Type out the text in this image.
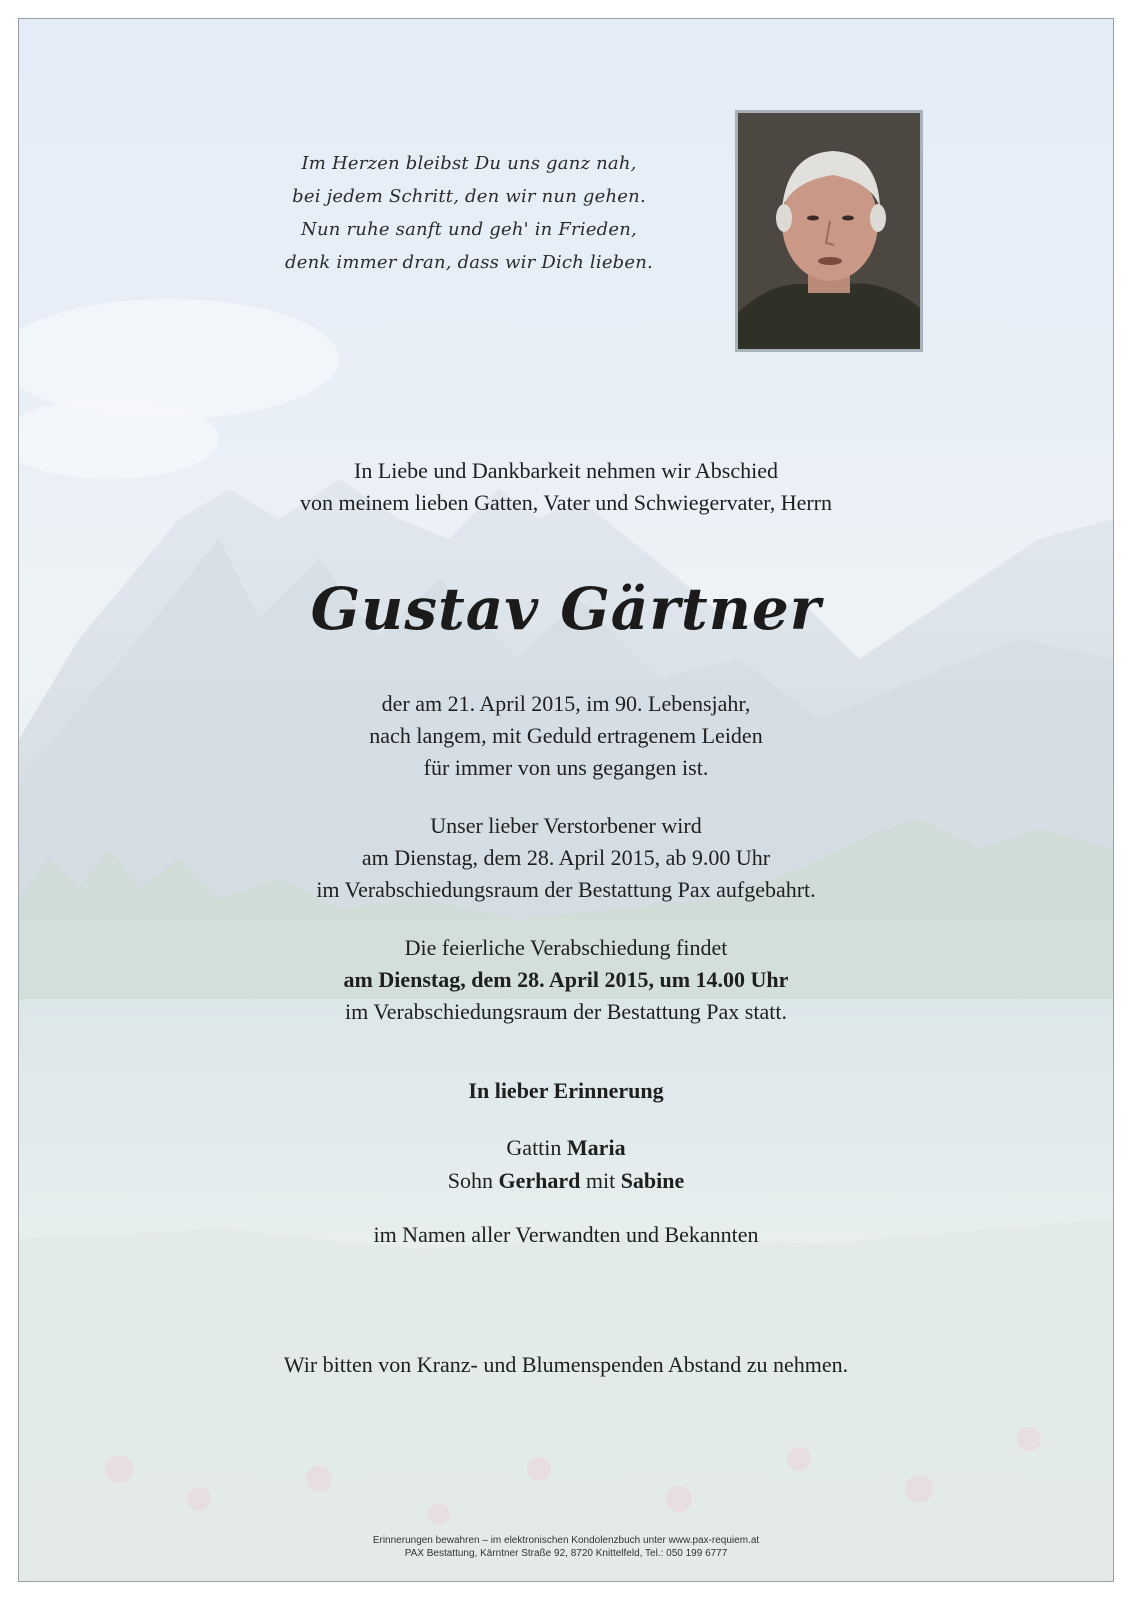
Im Herzen bleibst Du uns ganz nah,
bei jedem Schritt, den wir nun gehen.
Nun ruhe sanft und geh' in Frieden,
denk immer dran, dass wir Dich lieben.
In Liebe und Dankbarkeit nehmen wir Abschied
von meinem lieben Gatten, Vater und Schwiegervater, Herrn
Gustav Gärtner
der am 21. April 2015, im 90. Lebensjahr,
nach langem, mit Geduld ertragenem Leiden
für immer von uns gegangen ist.
Unser lieber Verstorbener wird
am Dienstag, dem 28. April 2015, ab 9.00 Uhr
im Verabschiedungsraum der Bestattung Pax aufgebahrt.
Die feierliche Verabschiedung findet
am Dienstag, dem 28. April 2015, um 14.00 Uhr
im Verabschiedungsraum der Bestattung Pax statt.
In lieber Erinnerung
Gattin Maria
Sohn Gerhard mit Sabine
im Namen aller Verwandten und Bekannten
Wir bitten von Kranz- und Blumenspenden Abstand zu nehmen.
Erinnerungen bewahren – im elektronischen Kondolenzbuch unter www.pax-requiem.at
PAX Bestattung, Kärntner Straße 92, 8720 Knittelfeld, Tel.: 050 199 6777
